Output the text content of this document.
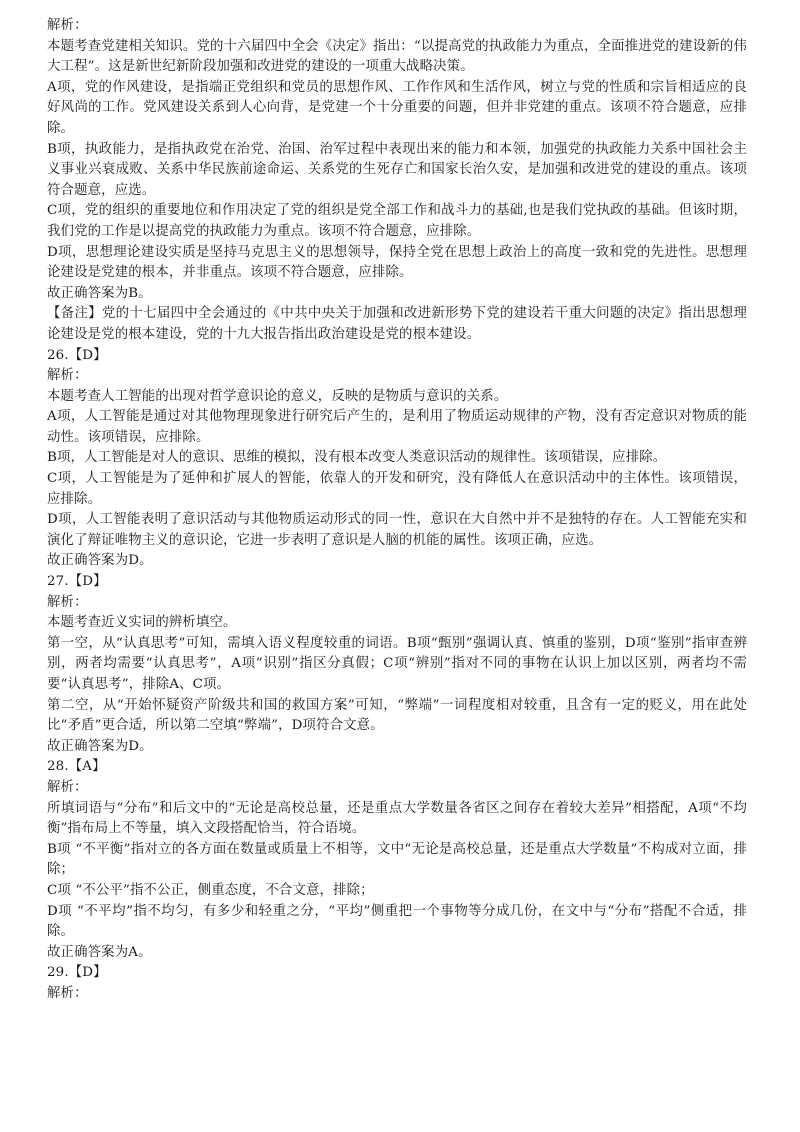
解析：

本题考查党建相关知识。党的十六届四中全会《决定》指出：“以提高党的执政能力为重点，全面推进党的建设新的伟大工程”。这是新世纪新阶段加强和改进党的建设的一项重大战略决策。

A项，党的作风建设，是指端正党组织和党员的思想作风、工作作风和生活作风，树立与党的性质和宗旨相适应的良好风尚的工作。党风建设关系到人心向背，是党建一个十分重要的问题，但并非党建的重点。该项不符合题意，应排除。

B项，执政能力，是指执政党在治党、治国、治军过程中表现出来的能力和本领，加强党的执政能力关系中国社会主义事业兴衰成败、关系中华民族前途命运、关系党的生死存亡和国家长治久安，是加强和改进党的建设的重点。该项符合题意，应选。

C项，党的组织的重要地位和作用决定了党的组织是党全部工作和战斗力的基础,也是我们党执政的基础。但该时期，我们党的工作是以提高党的执政能力为重点。该项不符合题意，应排除。

D项，思想理论建设实质是坚持马克思主义的思想领导，保持全党在思想上政治上的高度一致和党的先进性。思想理论建设是党建的根本，并非重点。该项不符合题意，应排除。

故正确答案为B。

【备注】党的十七届四中全会通过的《中共中央关于加强和改进新形势下党的建设若干重大问题的决定》指出思想理论建设是党的根本建设，党的十九大报告指出政治建设是党的根本建设。

26.【D】

解析：

本题考查人工智能的出现对哲学意识论的意义，反映的是物质与意识的关系。

A项，人工智能是通过对其他物理现象进行研究后产生的，是利用了物质运动规律的产物，没有否定意识对物质的能动性。该项错误，应排除。

B项，人工智能是对人的意识、思维的模拟，没有根本改变人类意识活动的规律性。该项错误，应排除。

C项，人工智能是为了延伸和扩展人的智能，依靠人的开发和研究，没有降低人在意识活动中的主体性。该项错误，应排除。

D项，人工智能表明了意识活动与其他物质运动形式的同一性，意识在大自然中并不是独特的存在。人工智能充实和演化了辩证唯物主义的意识论，它进一步表明了意识是人脑的机能的属性。该项正确，应选。

故正确答案为D。

27.【D】

解析：

本题考查近义实词的辨析填空。

第一空，从“认真思考”可知，需填入语义程度较重的词语。B项“甄别”强调认真、慎重的鉴别，D项“鉴别”指审查辨别，两者均需要“认真思考”，A项“识别”指区分真假；C项“辨别”指对不同的事物在认识上加以区别，两者均不需要“认真思考”，排除A、C项。

第二空，从“开始怀疑资产阶级共和国的救国方案”可知，“弊端”一词程度相对较重，且含有一定的贬义，用在此处比“矛盾”更合适，所以第二空填“弊端”，D项符合文意。

故正确答案为D。

28.【A】

解析：

所填词语与“分布”和后文中的“无论是高校总量，还是重点大学数量各省区之间存在着较大差异”相搭配，A项“不均衡”指布局上不等量，填入文段搭配恰当，符合语境。

B项 “不平衡”指对立的各方面在数量或质量上不相等，文中“无论是高校总量，还是重点大学数量”不构成对立面，排除；

C项 “不公平”指不公正，侧重态度，不合文意，排除；

D项 “不平均”指不均匀，有多少和轻重之分，“平均”侧重把一个事物等分成几份，在文中与“分布”搭配不合适，排除。

故正确答案为A。

29.【D】

解析：
